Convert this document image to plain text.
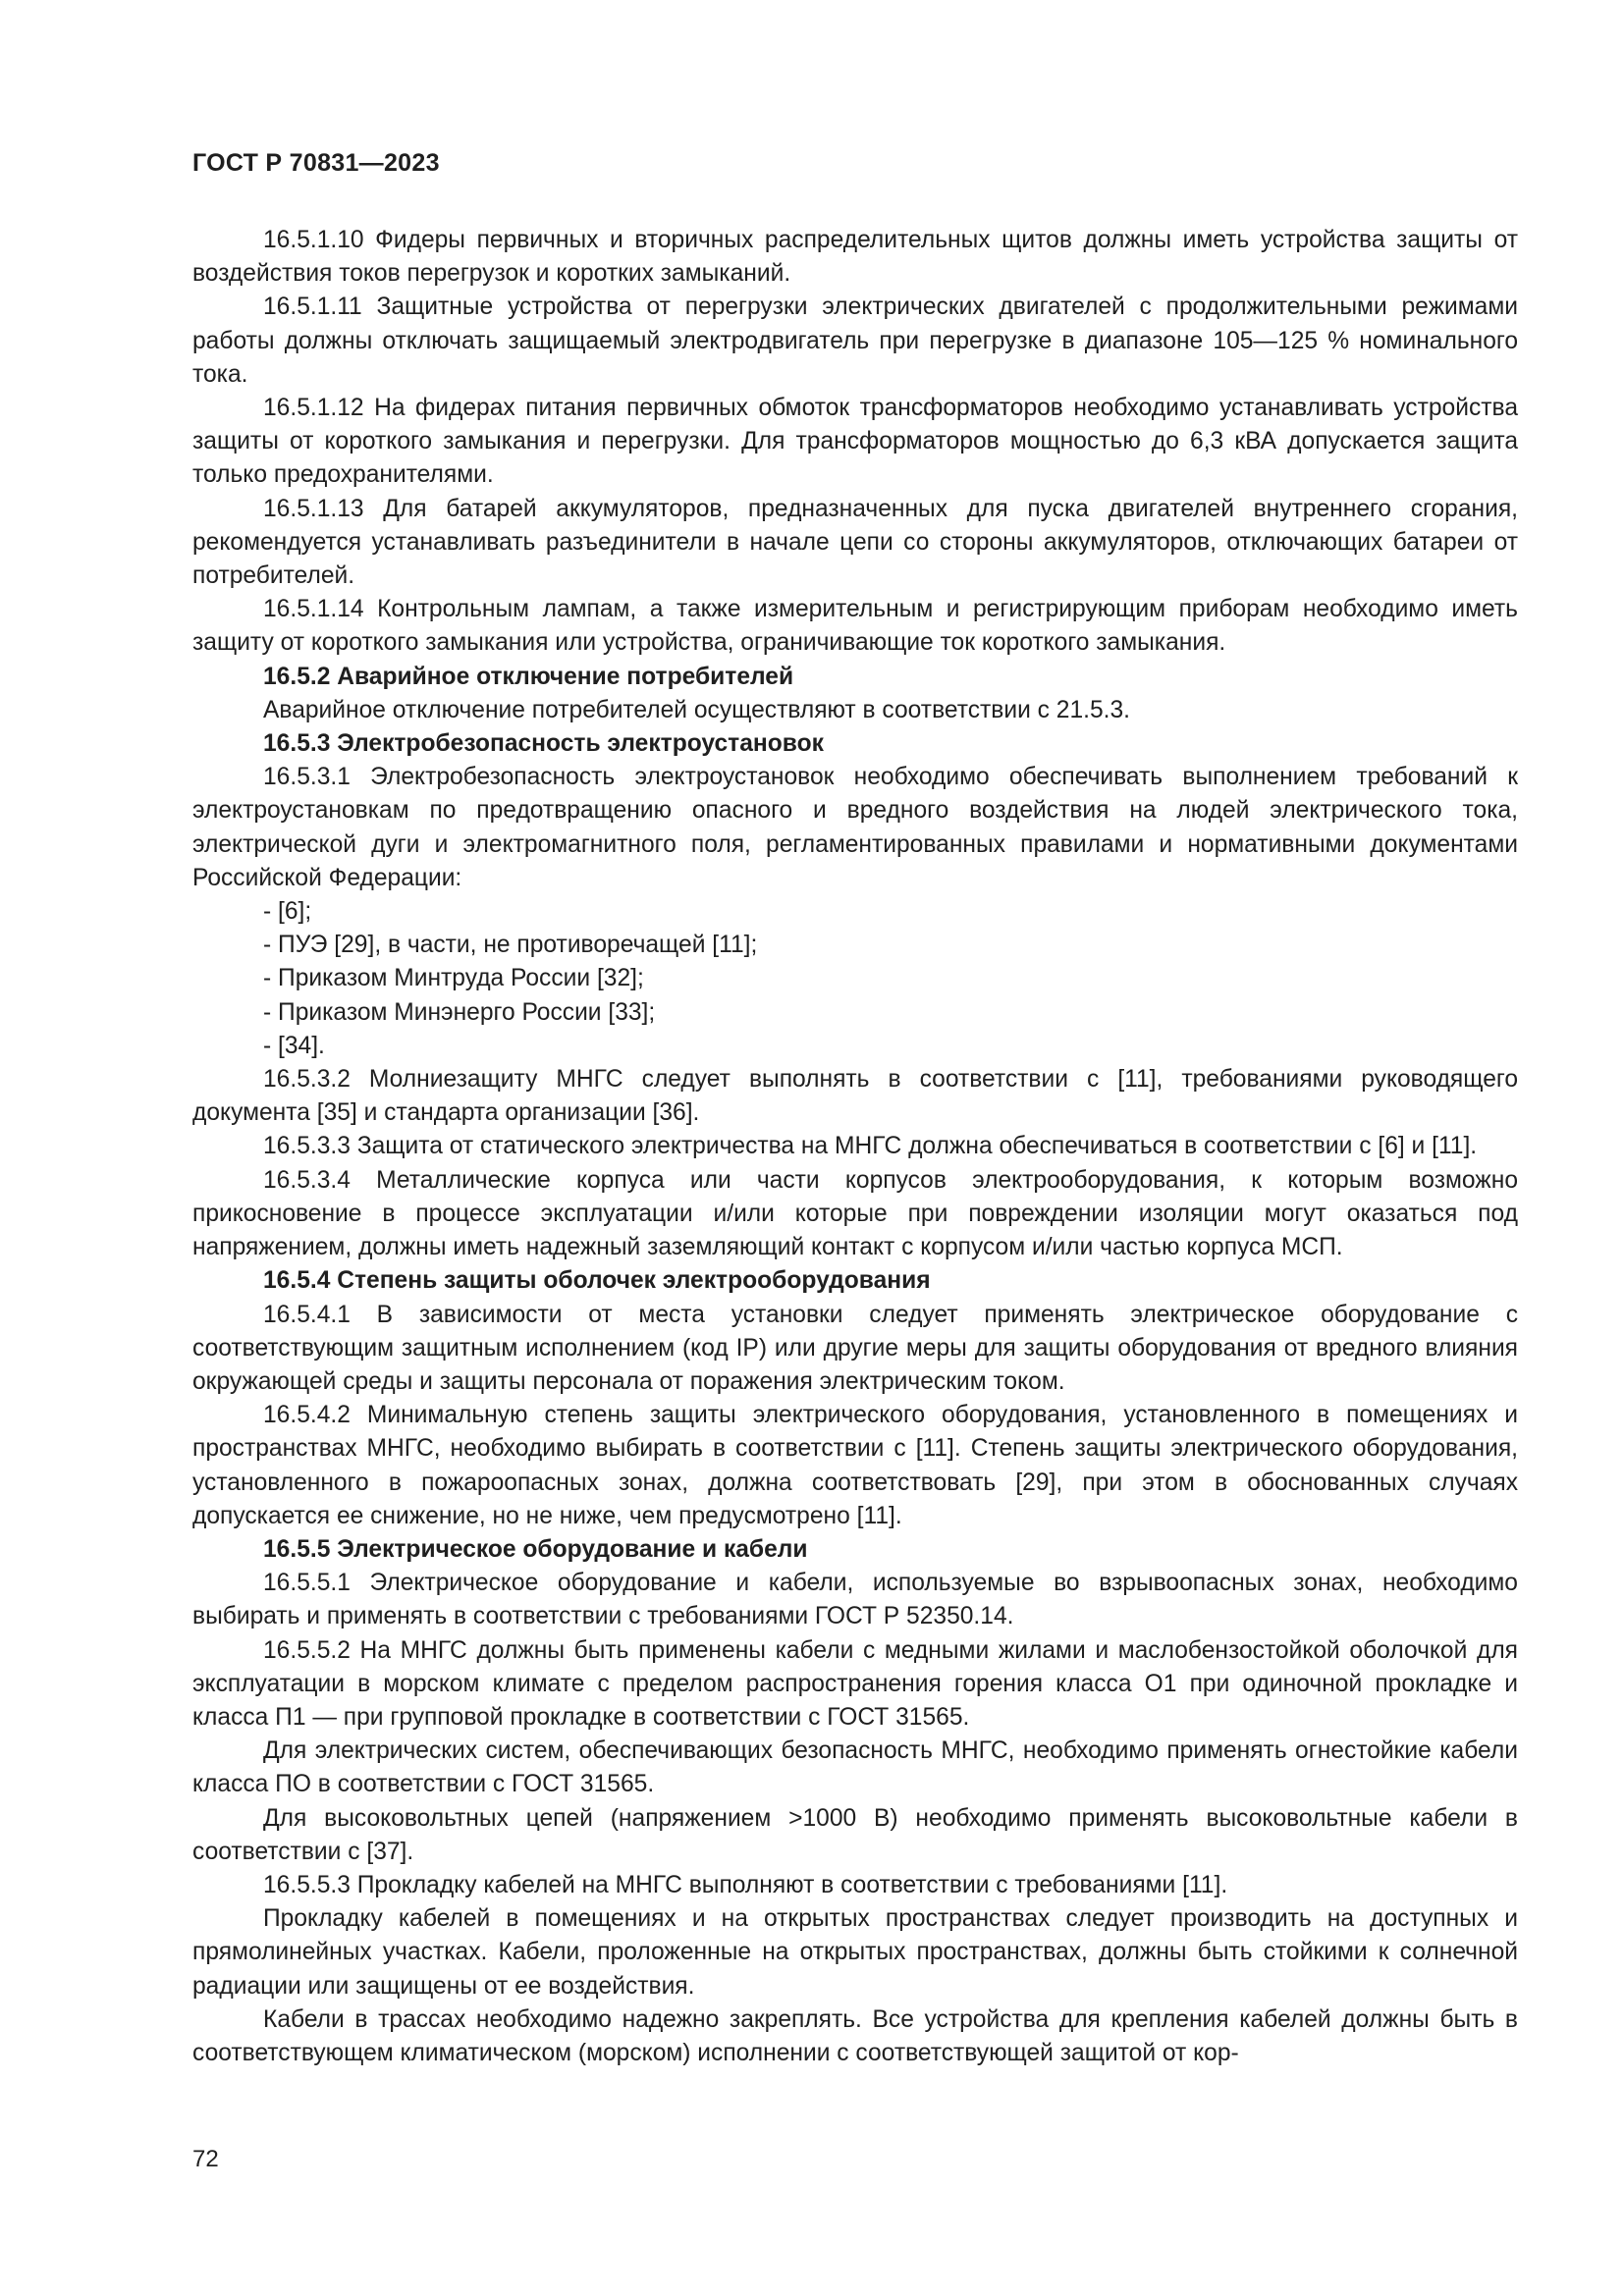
ГОСТ Р 70831—2023

16.5.1.10 Фидеры первичных и вторичных распределительных щитов должны иметь устройства защиты от воздействия токов перегрузок и коротких замыканий.

16.5.1.11 Защитные устройства от перегрузки электрических двигателей с продолжительными режимами работы должны отключать защищаемый электродвигатель при перегрузке в диапазоне 105—125 % номинального тока.

16.5.1.12 На фидерах питания первичных обмоток трансформаторов необходимо устанавливать устройства защиты от короткого замыкания и перегрузки. Для трансформаторов мощностью до 6,3 кВА допускается защита только предохранителями.

16.5.1.13 Для батарей аккумуляторов, предназначенных для пуска двигателей внутреннего сгорания, рекомендуется устанавливать разъединители в начале цепи со стороны аккумуляторов, отключающих батареи от потребителей.

16.5.1.14 Контрольным лампам, а также измерительным и регистрирующим приборам необходимо иметь защиту от короткого замыкания или устройства, ограничивающие ток короткого замыкания.

16.5.2 Аварийное отключение потребителей

Аварийное отключение потребителей осуществляют в соответствии с 21.5.3.

16.5.3 Электробезопасность электроустановок

16.5.3.1 Электробезопасность электроустановок необходимо обеспечивать выполнением требований к электроустановкам по предотвращению опасного и вредного воздействия на людей электрического тока, электрической дуги и электромагнитного поля, регламентированных правилами и нормативными документами Российской Федерации:

- [6];

- ПУЭ [29], в части, не противоречащей [11];

- Приказом Минтруда России [32];

- Приказом Минэнерго России [33];

- [34].

16.5.3.2 Молниезащиту МНГС следует выполнять в соответствии с [11], требованиями руководящего документа [35] и стандарта организации [36].

16.5.3.3 Защита от статического электричества на МНГС должна обеспечиваться в соответствии с [6] и [11].

16.5.3.4 Металлические корпуса или части корпусов электрооборудования, к которым возможно прикосновение в процессе эксплуатации и/или которые при повреждении изоляции могут оказаться под напряжением, должны иметь надежный заземляющий контакт с корпусом и/или частью корпуса МСП.

16.5.4 Степень защиты оболочек электрооборудования

16.5.4.1 В зависимости от места установки следует применять электрическое оборудование с соответствующим защитным исполнением (код IP) или другие меры для защиты оборудования от вредного влияния окружающей среды и защиты персонала от поражения электрическим током.

16.5.4.2 Минимальную степень защиты электрического оборудования, установленного в помещениях и пространствах МНГС, необходимо выбирать в соответствии с [11]. Степень защиты электрического оборудования, установленного в пожароопасных зонах, должна соответствовать [29], при этом в обоснованных случаях допускается ее снижение, но не ниже, чем предусмотрено [11].

16.5.5 Электрическое оборудование и кабели

16.5.5.1 Электрическое оборудование и кабели, используемые во взрывоопасных зонах, необходимо выбирать и применять в соответствии с требованиями ГОСТ Р 52350.14.

16.5.5.2 На МНГС должны быть применены кабели с медными жилами и маслобензостойкой оболочкой для эксплуатации в морском климате с пределом распространения горения класса О1 при одиночной прокладке и класса П1 — при групповой прокладке в соответствии с ГОСТ 31565.

Для электрических систем, обеспечивающих безопасность МНГС, необходимо применять огнестойкие кабели класса ПО в соответствии с ГОСТ 31565.

Для высоковольтных цепей (напряжением >1000 В) необходимо применять высоковольтные кабели в соответствии с [37].

16.5.5.3 Прокладку кабелей на МНГС выполняют в соответствии с требованиями [11].

Прокладку кабелей в помещениях и на открытых пространствах следует производить на доступных и прямолинейных участках. Кабели, проложенные на открытых пространствах, должны быть стойкими к солнечной радиации или защищены от ее воздействия.

Кабели в трассах необходимо надежно закреплять. Все устройства для крепления кабелей должны быть в соответствующем климатическом (морском) исполнении с соответствующей защитой от кор-

72
